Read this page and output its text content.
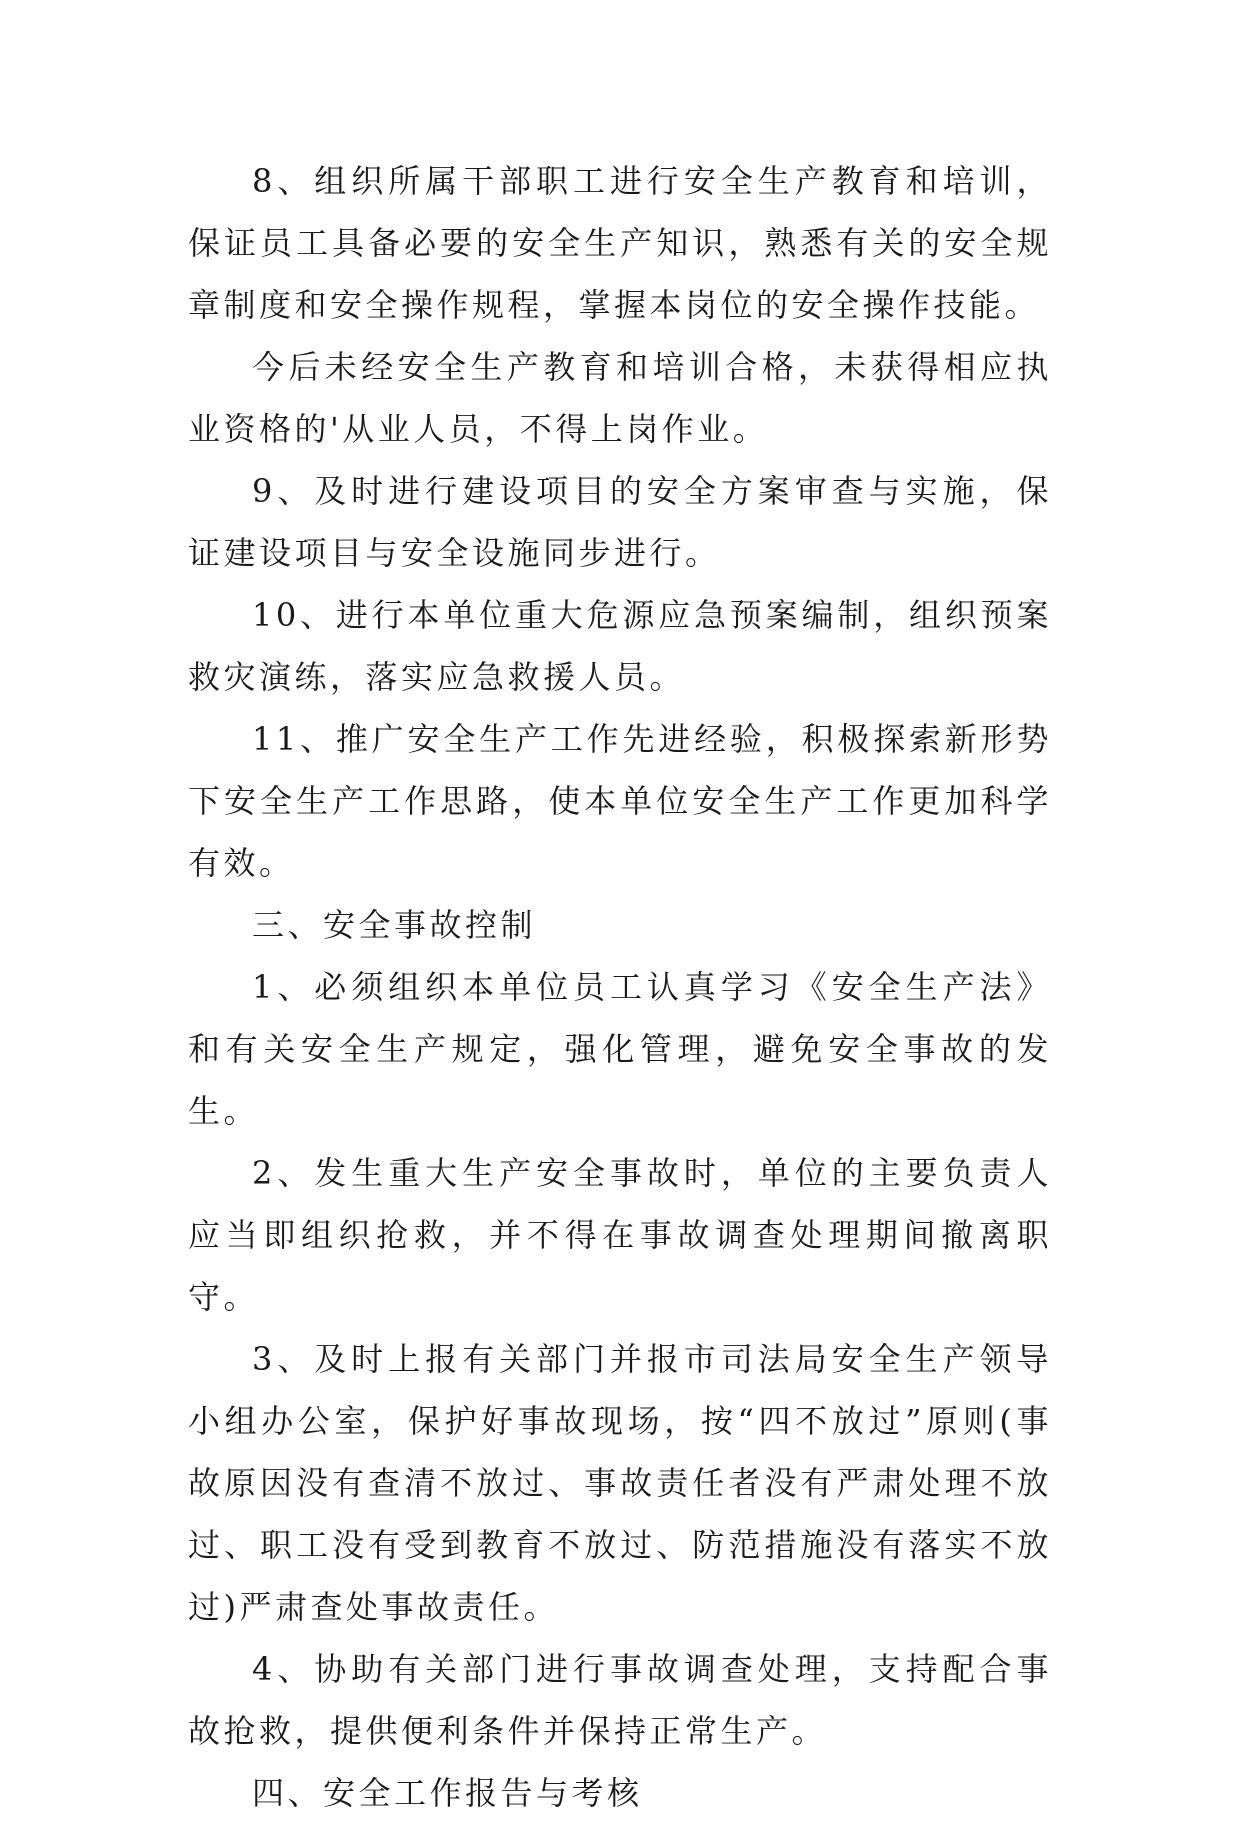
8、组织所属干部职工进行安全生产教育和培训，保证员工具备必要的安全生产知识，熟悉有关的安全规章制度和安全操作规程，掌握本岗位的安全操作技能。

今后未经安全生产教育和培训合格，未获得相应执业资格的'从业人员，不得上岗作业。

9、及时进行建设项目的安全方案审查与实施，保证建设项目与安全设施同步进行。

10、进行本单位重大危源应急预案编制，组织预案救灾演练，落实应急救援人员。

11、推广安全生产工作先进经验，积极探索新形势下安全生产工作思路，使本单位安全生产工作更加科学有效。

三、安全事故控制

1、必须组织本单位员工认真学习《安全生产法》和有关安全生产规定，强化管理，避免安全事故的发生。

2、发生重大生产安全事故时，单位的主要负责人应当即组织抢救，并不得在事故调查处理期间撤离职守。

3、及时上报有关部门并报市司法局安全生产领导小组办公室，保护好事故现场，按“四不放过”原则(事故原因没有查清不放过、事故责任者没有严肃处理不放过、职工没有受到教育不放过、防范措施没有落实不放过)严肃查处事故责任。

4、协助有关部门进行事故调查处理，支持配合事故抢救，提供便利条件并保持正常生产。

四、安全工作报告与考核
